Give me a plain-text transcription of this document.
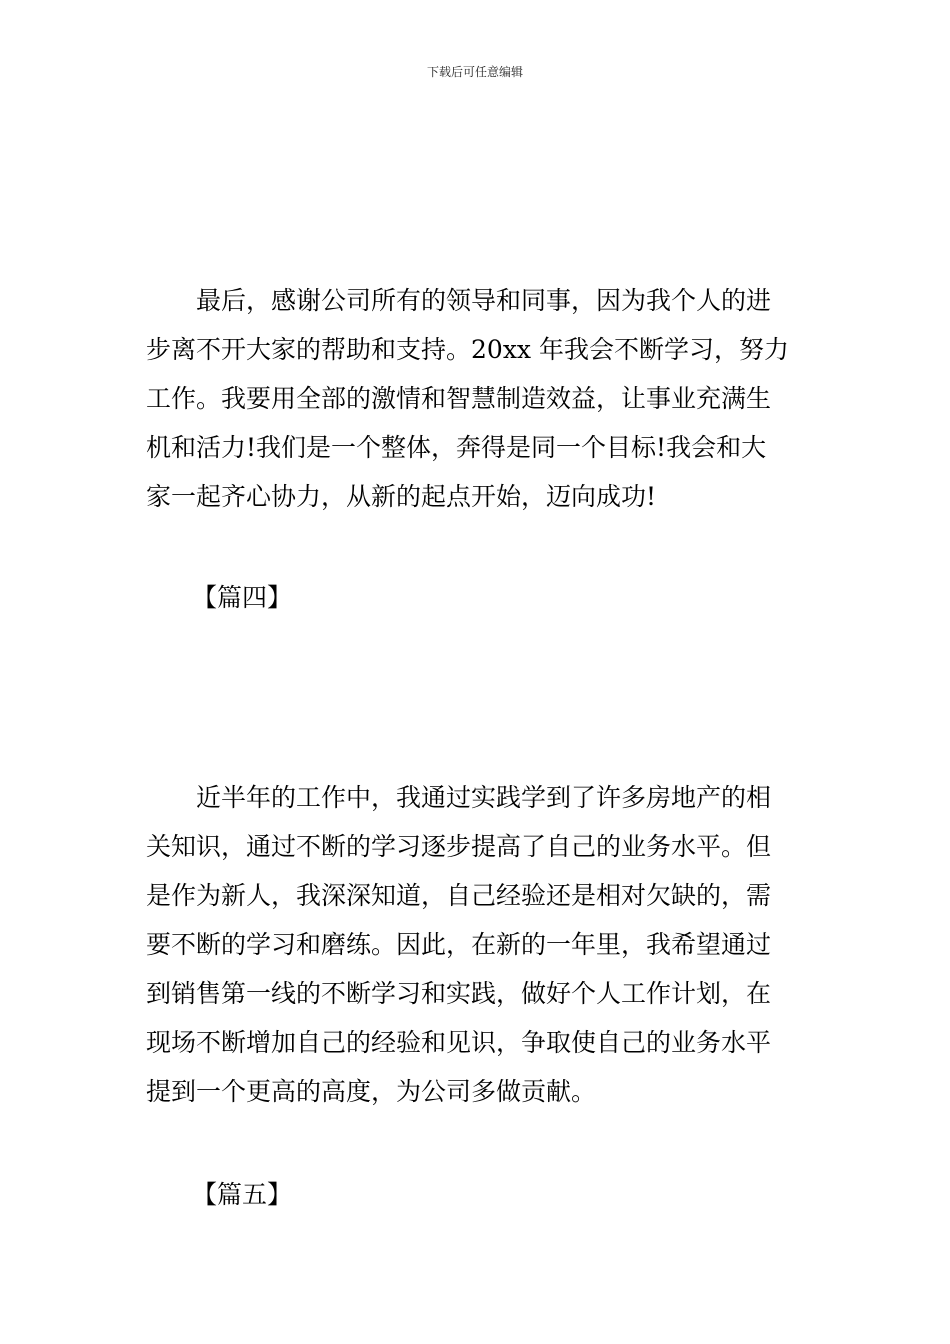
下载后可任意编辑

最后，感谢公司所有的领导和同事，因为我个人的进
步离不开大家的帮助和支持。20xx 年我会不断学习，努力
工作。我要用全部的激情和智慧制造效益，让事业充满生
机和活力!我们是一个整体，奔得是同一个目标!我会和大
家一起齐心协力，从新的起点开始，迈向成功!

【篇四】

近半年的工作中，我通过实践学到了许多房地产的相
关知识，通过不断的学习逐步提高了自己的业务水平。但
是作为新人，我深深知道，自己经验还是相对欠缺的，需
要不断的学习和磨练。因此，在新的一年里，我希望通过
到销售第一线的不断学习和实践，做好个人工作计划，在
现场不断增加自己的经验和见识，争取使自己的业务水平
提到一个更高的高度，为公司多做贡献。

【篇五】
